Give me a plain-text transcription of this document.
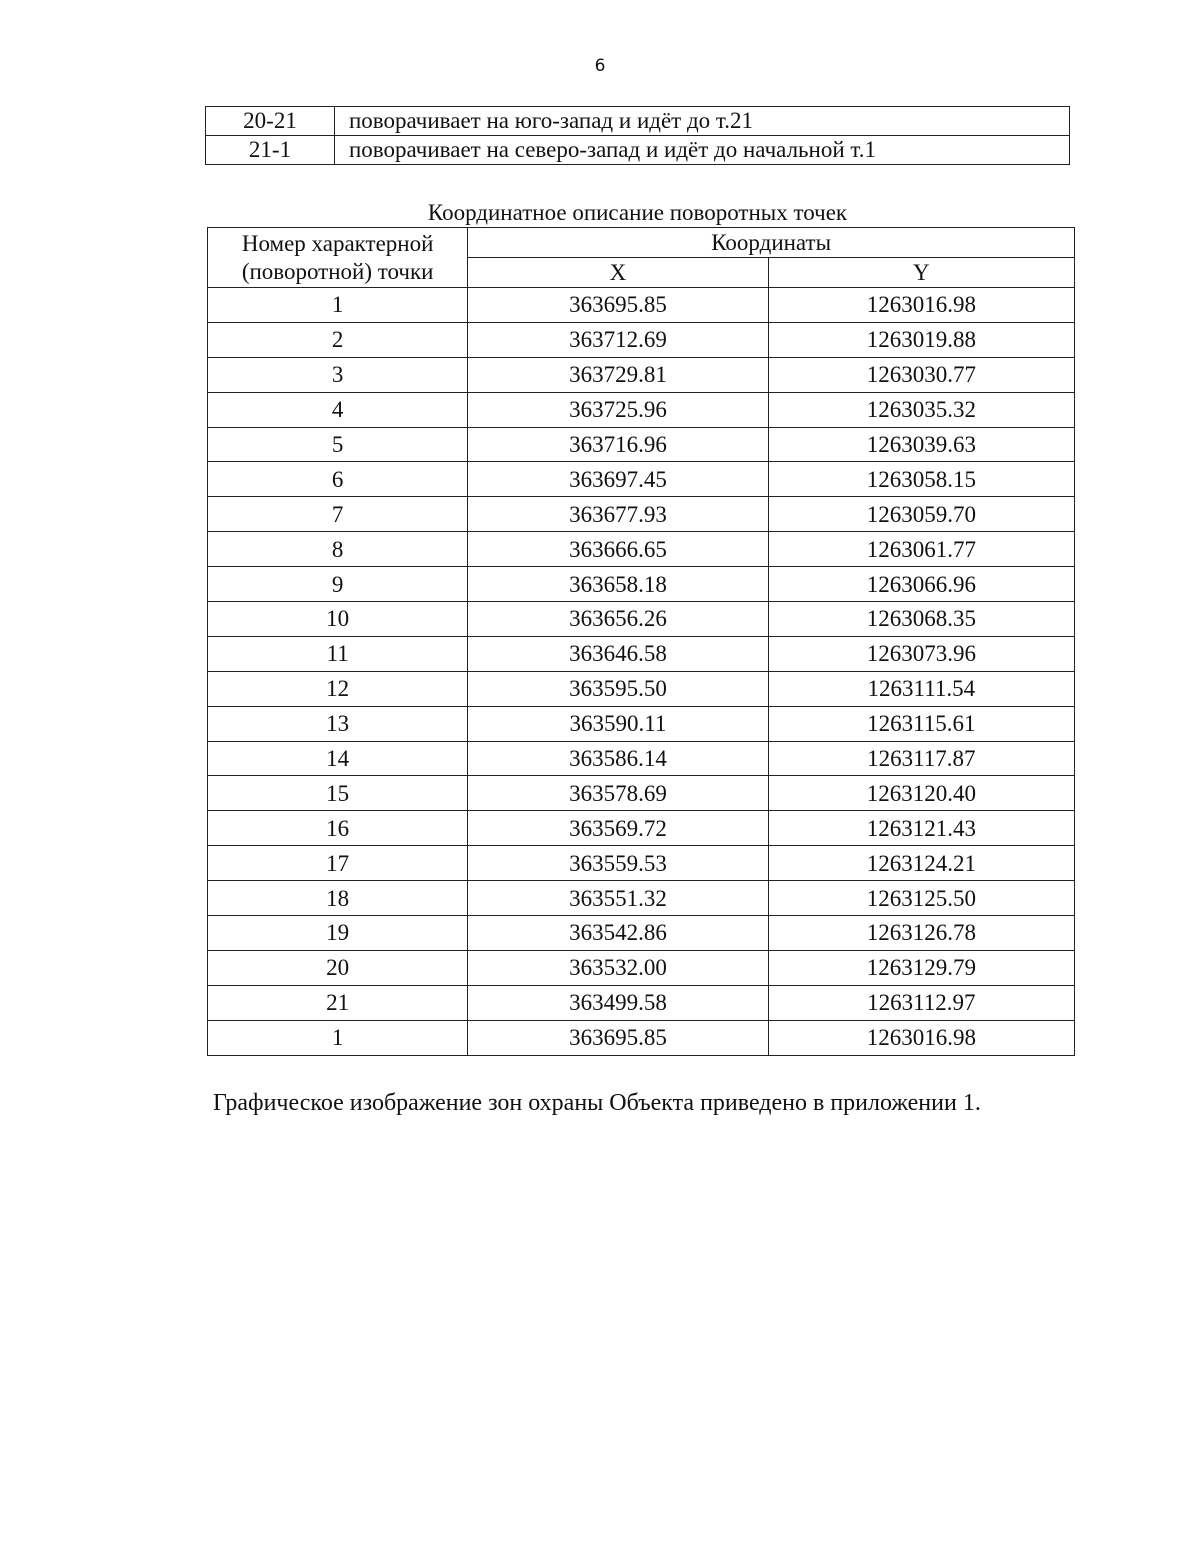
6
20-21	поворачивает на юго-запад и идёт до т.21
21-1	поворачивает на северо-запад и идёт до начальной т.1
Координатное описание поворотных точек
Номер характерной
(поворотной) точки	Координаты	
	X	Y
1	363695.85	1263016.98
2	363712.69	1263019.88
3	363729.81	1263030.77
4	363725.96	1263035.32
5	363716.96	1263039.63
6	363697.45	1263058.15
7	363677.93	1263059.70
8	363666.65	1263061.77
9	363658.18	1263066.96
10	363656.26	1263068.35
11	363646.58	1263073.96
12	363595.50	1263111.54
13	363590.11	1263115.61
14	363586.14	1263117.87
15	363578.69	1263120.40
16	363569.72	1263121.43
17	363559.53	1263124.21
18	363551.32	1263125.50
19	363542.86	1263126.78
20	363532.00	1263129.79
21	363499.58	1263112.97
1	363695.85	1263016.98
Графическое изображение зон охраны Объекта приведено в приложении 1.
